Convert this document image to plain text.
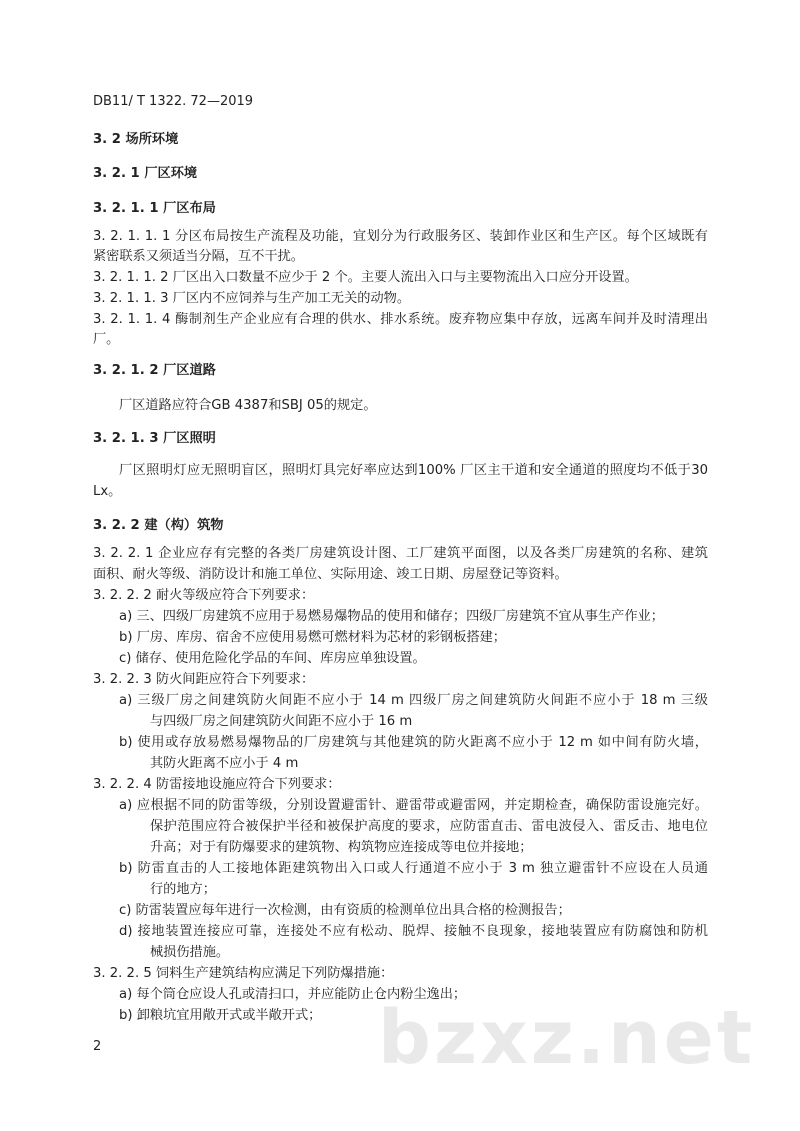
DB11/ T 1322. 72—2019
3. 2 场所环境
3. 2. 1 厂区环境
3. 2. 1. 1 厂区布局
3. 2. 1. 1. 1 分区布局按生产流程及功能，宜划分为行政服务区、装卸作业区和生产区。每个区域既有
紧密联系又须适当分隔，互不干扰。
3. 2. 1. 1. 2 厂区出入口数量不应少于 2 个。主要人流出入口与主要物流出入口应分开设置。
3. 2. 1. 1. 3 厂区内不应饲养与生产加工无关的动物。
3. 2. 1. 1. 4 酶制剂生产企业应有合理的供水、排水系统。废弃物应集中存放，远离车间并及时清理出
厂。
3. 2. 1. 2 厂区道路
厂区道路应符合GB 4387和SBJ 05的规定。
3. 2. 1. 3 厂区照明
厂区照明灯应无照明盲区，照明灯具完好率应达到100% 厂区主干道和安全通道的照度均不低于30
Lx。
3. 2. 2 建（构）筑物
3. 2. 2. 1 企业应存有完整的各类厂房建筑设计图、工厂建筑平面图，以及各类厂房建筑的名称、建筑
面积、耐火等级、消防设计和施工单位、实际用途、竣工日期、房屋登记等资料。
3. 2. 2. 2 耐火等级应符合下列要求：
a) 三、四级厂房建筑不应用于易燃易爆物品的使用和储存；四级厂房建筑不宜从事生产作业；
b) 厂房、库房、宿舍不应使用易燃可燃材料为芯材的彩钢板搭建；
c) 储存、使用危险化学品的车间、库房应单独设置。
3. 2. 2. 3 防火间距应符合下列要求：
a) 三级厂房之间建筑防火间距不应小于 14 m 四级厂房之间建筑防火间距不应小于 18 m 三级
与四级厂房之间建筑防火间距不应小于 16 m
b) 使用或存放易燃易爆物品的厂房建筑与其他建筑的防火距离不应小于 12 m 如中间有防火墙，
其防火距离不应小于 4 m
3. 2. 2. 4 防雷接地设施应符合下列要求：
a) 应根据不同的防雷等级，分别设置避雷针、避雷带或避雷网，并定期检查，确保防雷设施完好。
保护范围应符合被保护半径和被保护高度的要求，应防雷直击、雷电波侵入、雷反击、地电位
升高；对于有防爆要求的建筑物、构筑物应连接成等电位并接地；
b) 防雷直击的人工接地体距建筑物出入口或人行通道不应小于 3 m 独立避雷针不应设在人员通
行的地方；
c) 防雷装置应每年进行一次检测，由有资质的检测单位出具合格的检测报告；
d) 接地装置连接应可靠，连接处不应有松动、脱焊、接触不良现象，接地装置应有防腐蚀和防机
械损伤措施。
3. 2. 2. 5 饲料生产建筑结构应满足下列防爆措施：
a) 每个筒仓应设人孔或清扫口，并应能防止仓内粉尘逸出；
b) 卸粮坑宜用敞开式或半敞开式；
2	bzxz.net
